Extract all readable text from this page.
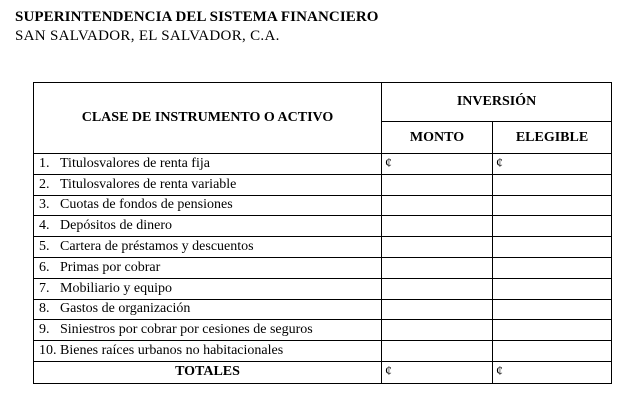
SUPERINTENDENCIA DEL SISTEMA FINANCIERO
SAN SALVADOR, EL SALVADOR, C.A.
CLASE DE INSTRUMENTO O ACTIVO	INVERSIÓN	
	MONTO	ELEGIBLE
1. Titulosvalores de renta fija	¢	¢
2. Titulosvalores de renta variable		
3. Cuotas de fondos de pensiones		
4. Depósitos de dinero		
5. Cartera de préstamos y descuentos		
6. Primas por cobrar		
7. Mobiliario y equipo		
8. Gastos de organización		
9. Siniestros por cobrar por cesiones de seguros		
10. Bienes raíces urbanos no habitacionales		
TOTALES	¢	¢
